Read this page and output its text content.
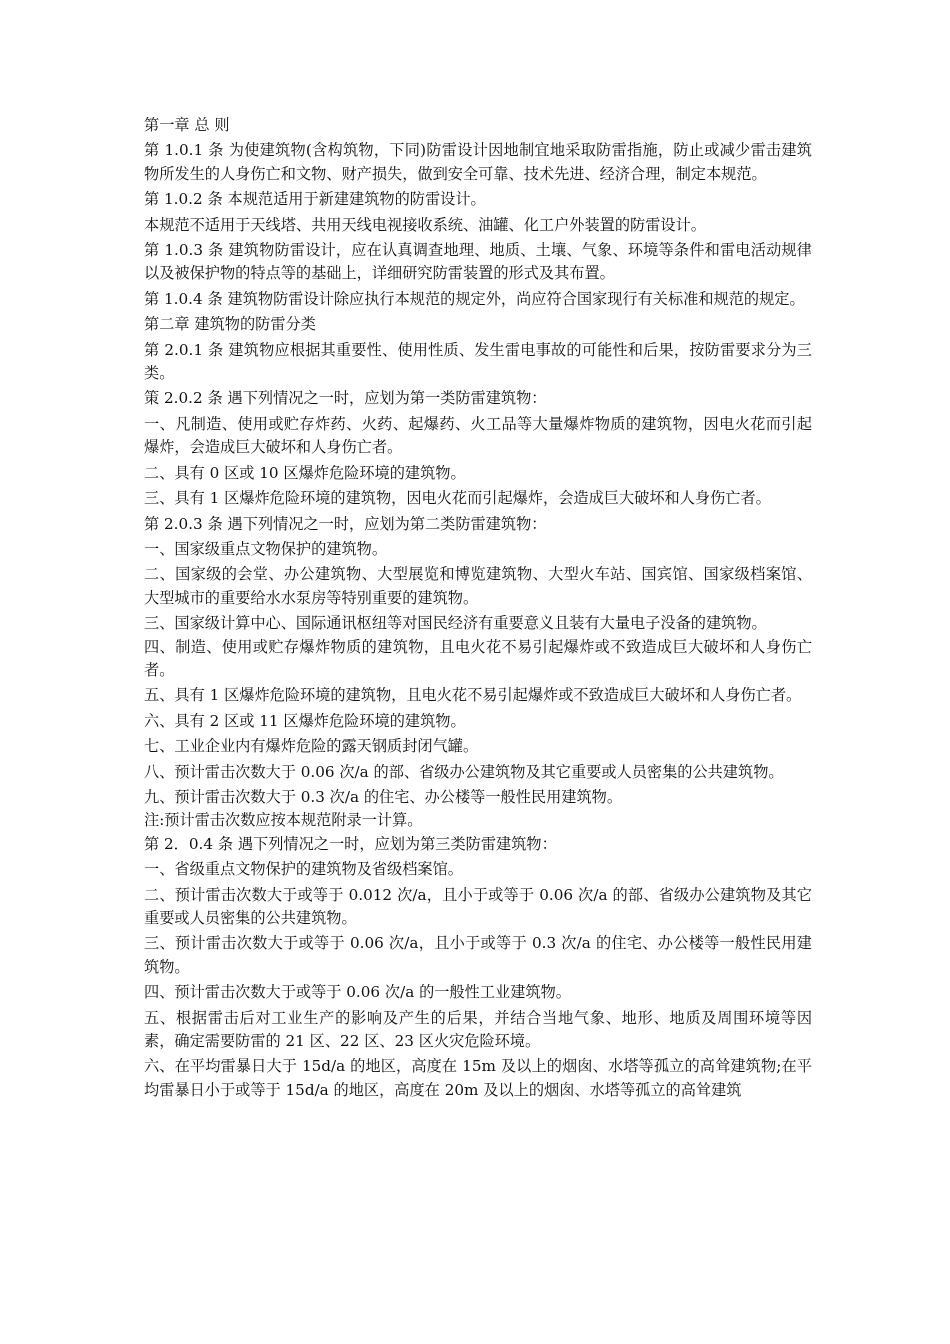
第一章 总 则

第 1.0.1 条 为使建筑物(含构筑物，下同)防雷设计因地制宜地采取防雷指施，防止或减少雷击建筑物所发生的人身伤亡和文物、财产损失，做到安全可靠、技术先进、经济合理，制定本规范。

第 1.0.2 条 本规范适用于新建建筑物的防雷设计。

本规范不适用于天线塔、共用天线电视接收系统、油罐、化工户外装置的防雷设计。

第 1.0.3 条 建筑物防雷设计，应在认真调查地理、地质、土壤、气象、环境等条件和雷电活动规律以及被保护物的特点等的基础上，详细研究防雷装置的形式及其布置。

第 1.0.4 条 建筑物防雷设计除应执行本规范的规定外，尚应符合国家现行有关标准和规范的规定。

第二章 建筑物的防雷分类

第 2.0.1 条 建筑物应根据其重要性、使用性质、发生雷电事故的可能性和后果，按防雷要求分为三类。

策 2.0.2 条 遇下列情况之一时，应划为第一类防雷建筑物：

一、凡制造、使用或贮存炸药、火药、起爆药、火工品等大量爆炸物质的建筑物，因电火花而引起爆炸，会造成巨大破坏和人身伤亡者。

二、具有 0 区或 10 区爆炸危险环境的建筑物。

三、具有 1 区爆炸危险环境的建筑物，因电火花而引起爆炸，会造成巨大破坏和人身伤亡者。

第 2.0.3 条 遇下列情况之一时，应划为第二类防雷建筑物：

一、国家级重点文物保护的建筑物。

二、国家级的会堂、办公建筑物、大型展览和博览建筑物、大型火车站、国宾馆、国家级档案馆、大型城市的重要给水水泵房等特别重要的建筑物。

三、国家级计算中心、国际通讯枢纽等对国民经济有重要意义且装有大量电子没备的建筑物。

四、制造、使用或贮存爆炸物质的建筑物，且电火花不易引起爆炸或不致造成巨大破坏和人身伤亡者。

五、具有 1 区爆炸危险环境的建筑物，且电火花不易引起爆炸或不致造成巨大破坏和人身伤亡者。

六、具有 2 区或 11 区爆炸危险环境的建筑物。

七、工业企业内有爆炸危险的露天钢质封闭气罐。

八、预计雷击次数大于 0.06 次/a 的部、省级办公建筑物及其它重要或人员密集的公共建筑物。

九、预计雷击次数大于 0.3 次/a 的住宅、办公楼等一般性民用建筑物。

注:预计雷击次数应按本规范附录一计算。

第 2．0.4 条 遇下列情况之一时，应划为第三类防雷建筑物：

一、省级重点文物保护的建筑物及省级档案馆。

二、预计雷击次数大于或等于 0.012 次/a，且小于或等于 0.06 次/a 的部、省级办公建筑物及其它重要或人员密集的公共建筑物。

三、预计雷击次数大于或等于 0.06 次/a，且小于或等于 0.3 次/a 的住宅、办公楼等一般性民用建筑物。

四、预计雷击次数大于或等于 0.06 次/a 的一般性工业建筑物。

五、根据雷击后对工业生产的影响及产生的后果，并结合当地气象、地形、地质及周围环境等因素，确定需要防雷的 21 区、22 区、23 区火灾危险环境。

六、在平均雷暴日大于 15d/a 的地区，高度在 15m 及以上的烟囱、水塔等孤立的高耸建筑物;在平均雷暴日小于或等于 15d/a 的地区，高度在 20m 及以上的烟囱、水塔等孤立的高耸建筑
